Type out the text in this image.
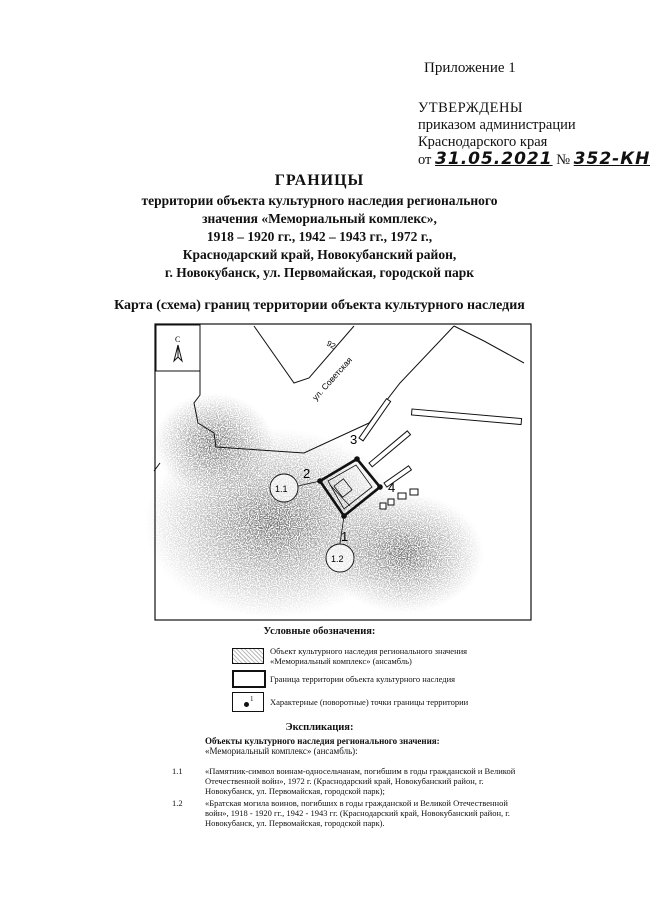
Приложение 1
УТВЕРЖДЕНЫ
приказом администрации
Краснодарского края
от 31.05.2021 № 352-КН
ГРАНИЦЫ
территории объекта культурного наследия регионального
значения «Мемориальный комплекс»,
1918 – 1920 гг., 1942 – 1943 гг., 1972 г.,
Краснодарский край, Новокубанский район,
г. Новокубанск, ул. Первомайская, городской парк
Карта (схема) границ территории объекта культурного наследия
С	92
ул. Советская
2
3
4
1
1.1
1.2
Условные обозначения:
Объект культурного наследия регионального значения
«Мемориальный комплекс» (ансамбль)
Граница территории объекта культурного наследия
1 Характерные (поворотные) точки границы территории
Экспликация:
Объекты культурного наследия регионального значения:
«Мемориальный комплекс» (ансамбль):
1.1	«Памятник-символ воинам-односельчанам, погибшим в годы гражданской и Великой
Отечественной войн», 1972 г. (Краснодарский край, Новокубанский район, г.
Новокубанск, ул. Первомайская, городской парк);
1.2	«Братская могила воинов, погибших в годы гражданской и Великой Отечественной
войн», 1918 - 1920 гг., 1942 - 1943 гг. (Краснодарский край, Новокубанский район, г.
Новокубанск, ул. Первомайская, городской парк).
